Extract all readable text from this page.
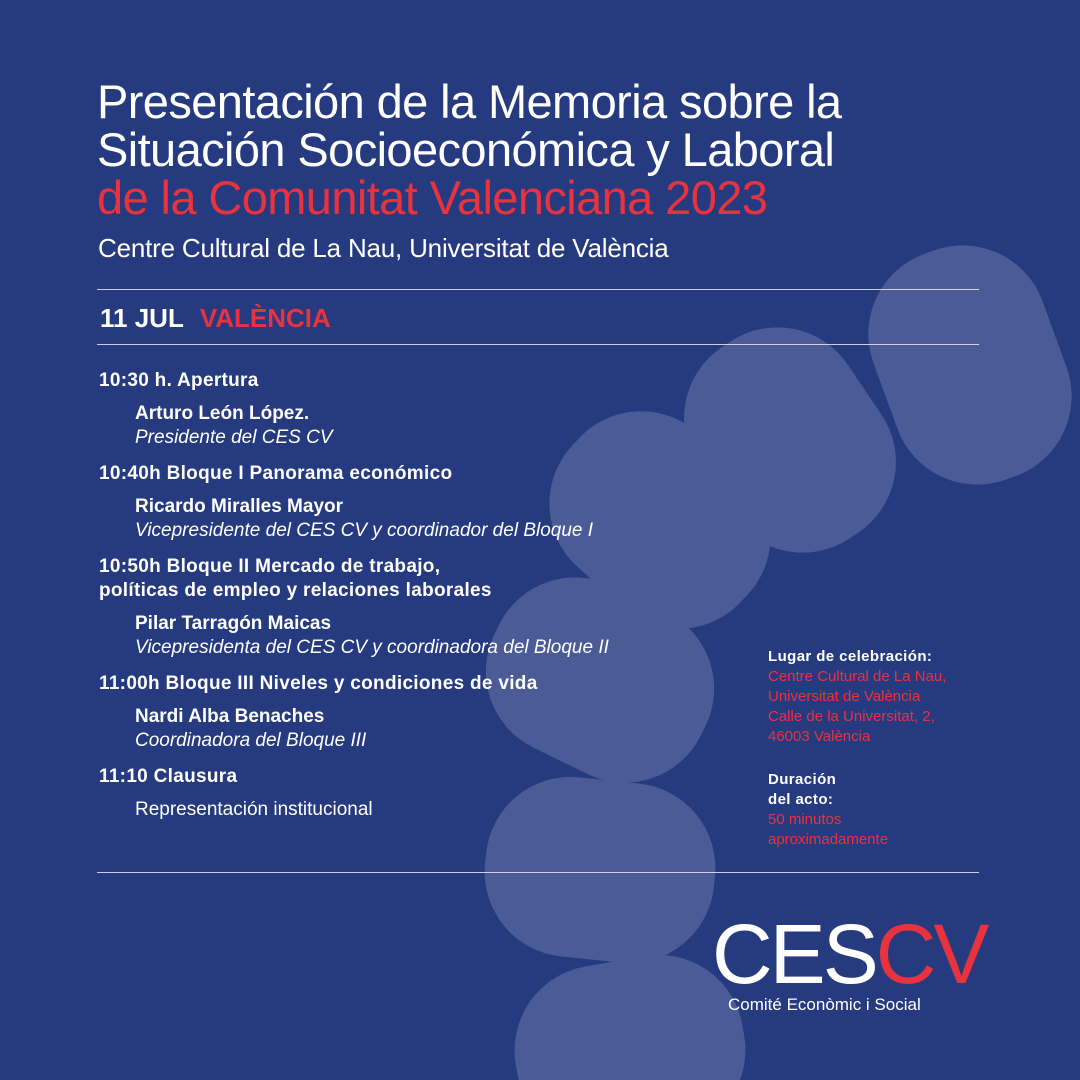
Presentación de la Memoria sobre la
Situación Socioeconómica y Laboral
de la Comunitat Valenciana 2023
Centre Cultural de La Nau, Universitat de València
11 JUL VALÈNCIA
10:30 h. Apertura
Arturo León López.
Presidente del CES CV
10:40h Bloque I Panorama económico
Ricardo Miralles Mayor
Vicepresidente del CES CV y coordinador del Bloque I
10:50h Bloque II Mercado de trabajo,
políticas de empleo y relaciones laborales
Pilar Tarragón Maicas
Vicepresidenta del CES CV y coordinadora del Bloque II
11:00h Bloque III Niveles y condiciones de vida
Nardi Alba Benaches
Coordinadora del Bloque III
11:10 Clausura
Representación institucional
Lugar de celebración:
Centre Cultural de La Nau,
Universitat de València
Calle de la Universitat, 2,
46003 València
Duración
del acto:
50 minutos
aproximadamente
CESCV
Comité Econòmic i Social
